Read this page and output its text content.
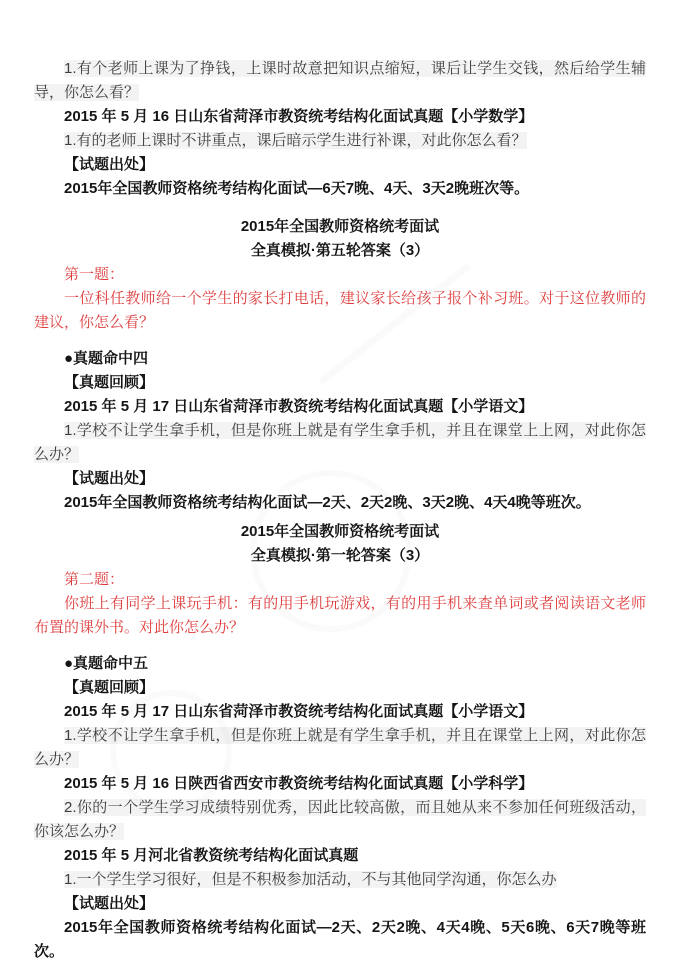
1.有个老师上课为了挣钱，上课时故意把知识点缩短，课后让学生交钱，然后给学生辅导，你怎么看？

2015 年 5 月 16 日山东省菏泽市教资统考结构化面试真题【小学数学】

1.有的老师上课时不讲重点，课后暗示学生进行补课，对此你怎么看？

【试题出处】

2015年全国教师资格统考结构化面试—6天7晚、4天、3天2晚班次等。

2015年全国教师资格统考面试

全真模拟·第五轮答案（3）

第一题：

一位科任教师给一个学生的家长打电话，建议家长给孩子报个补习班。对于这位教师的建议，你怎么看？

●真题命中四

【真题回顾】

2015 年 5 月 17 日山东省菏泽市教资统考结构化面试真题【小学语文】

1.学校不让学生拿手机，但是你班上就是有学生拿手机，并且在课堂上上网，对此你怎么办？

【试题出处】

2015年全国教师资格统考结构化面试—2天、2天2晚、3天2晚、4天4晚等班次。

2015年全国教师资格统考面试

全真模拟·第一轮答案（3）

第二题：

你班上有同学上课玩手机：有的用手机玩游戏，有的用手机来查单词或者阅读语文老师布置的课外书。对此你怎么办？

●真题命中五

【真题回顾】

2015 年 5 月 17 日山东省菏泽市教资统考结构化面试真题【小学语文】

1.学校不让学生拿手机，但是你班上就是有学生拿手机，并且在课堂上上网，对此你怎么办？

2015 年 5 月 16 日陕西省西安市教资统考结构化面试真题【小学科学】

2.你的一个学生学习成绩特别优秀，因此比较高傲，而且她从来不参加任何班级活动，你该怎么办？

2015 年 5 月河北省教资统考结构化面试真题

1.一个学生学习很好，但是不积极参加活动，不与其他同学沟通，你怎么办

【试题出处】

2015年全国教师资格统考结构化面试—2天、2天2晚、4天4晚、5天6晚、6天7晚等班次。
